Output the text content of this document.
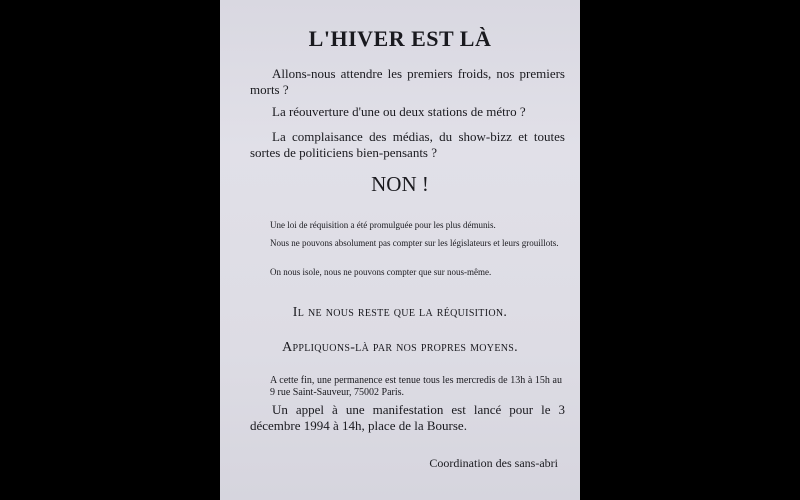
L'HIVER EST LÀ

Allons-nous attendre les premiers froids, nos premiers morts ?

La réouverture d'une ou deux stations de métro ?

La complaisance des médias, du show-bizz et toutes sortes de politiciens bien-pensants ?

NON !

Une loi de réquisition a été promulguée pour les plus démunis.

Nous ne pouvons absolument pas compter sur les législateurs et leurs grouillots.

On nous isole, nous ne pouvons compter que sur nous-même.

Il ne nous reste que la réquisition.

Appliquons-là par nos propres moyens.

A cette fin, une permanence est tenue tous les mercredis de 13h à 15h au 9 rue Saint-Sauveur, 75002 Paris.

Un appel à une manifestation est lancé pour le 3 décembre 1994 à 14h, place de la Bourse.

Coordination des sans-abri
